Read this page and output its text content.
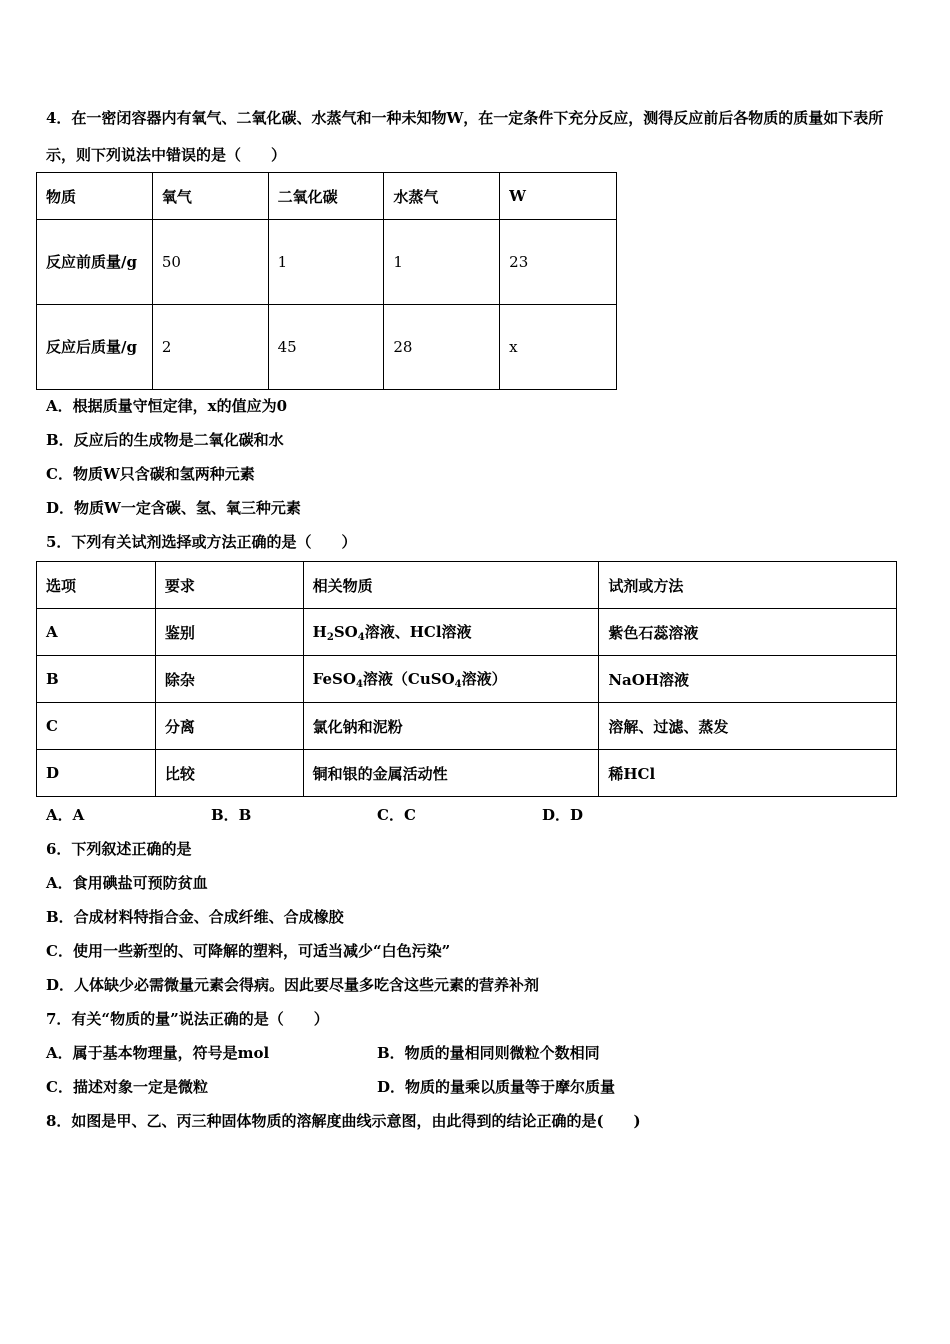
4．在一密闭容器内有氧气、二氧化碳、水蒸气和一种未知物W，在一定条件下充分反应，测得反应前后各物质的质量如下表所示，则下列说法中错误的是（　　）
物质	氧气	二氧化碳	水蒸气	W
反应前质量/g	50	1	1	23
反应后质量/g	2	45	28	x
A．根据质量守恒定律，x的值应为0
B．反应后的生成物是二氧化碳和水
C．物质W只含碳和氢两种元素
D．物质W一定含碳、氢、氧三种元素
5．下列有关试剂选择或方法正确的是（　　）
选项	要求	相关物质	试剂或方法
A	鉴别	$H_2SO_4$溶液、HCl溶液	紫色石蕊溶液
B	除杂	FeSO$_4$溶液（CuSO$_4$溶液）	NaOH溶液
C	分离	氯化钠和泥粉	溶解、过滤、蒸发
D	比较	铜和银的金属活动性	稀HCl
A．A	B．B	C．C	D．D
6．下列叙述正确的是
A．食用碘盐可预防贫血
B．合成材料特指合金、合成纤维、合成橡胶
C．使用一些新型的、可降解的塑料，可适当减少“白色污染”
D．人体缺少必需微量元素会得病。因此要尽量多吃含这些元素的营养补剂
7．有关“物质的量”说法正确的是（　　）
A．属于基本物理量，符号是mol	B．物质的量相同则微粒个数相同
C．描述对象一定是微粒	D．物质的量乘以质量等于摩尔质量
8．如图是甲、乙、丙三种固体物质的溶解度曲线示意图，由此得到的结论正确的是(　　)
